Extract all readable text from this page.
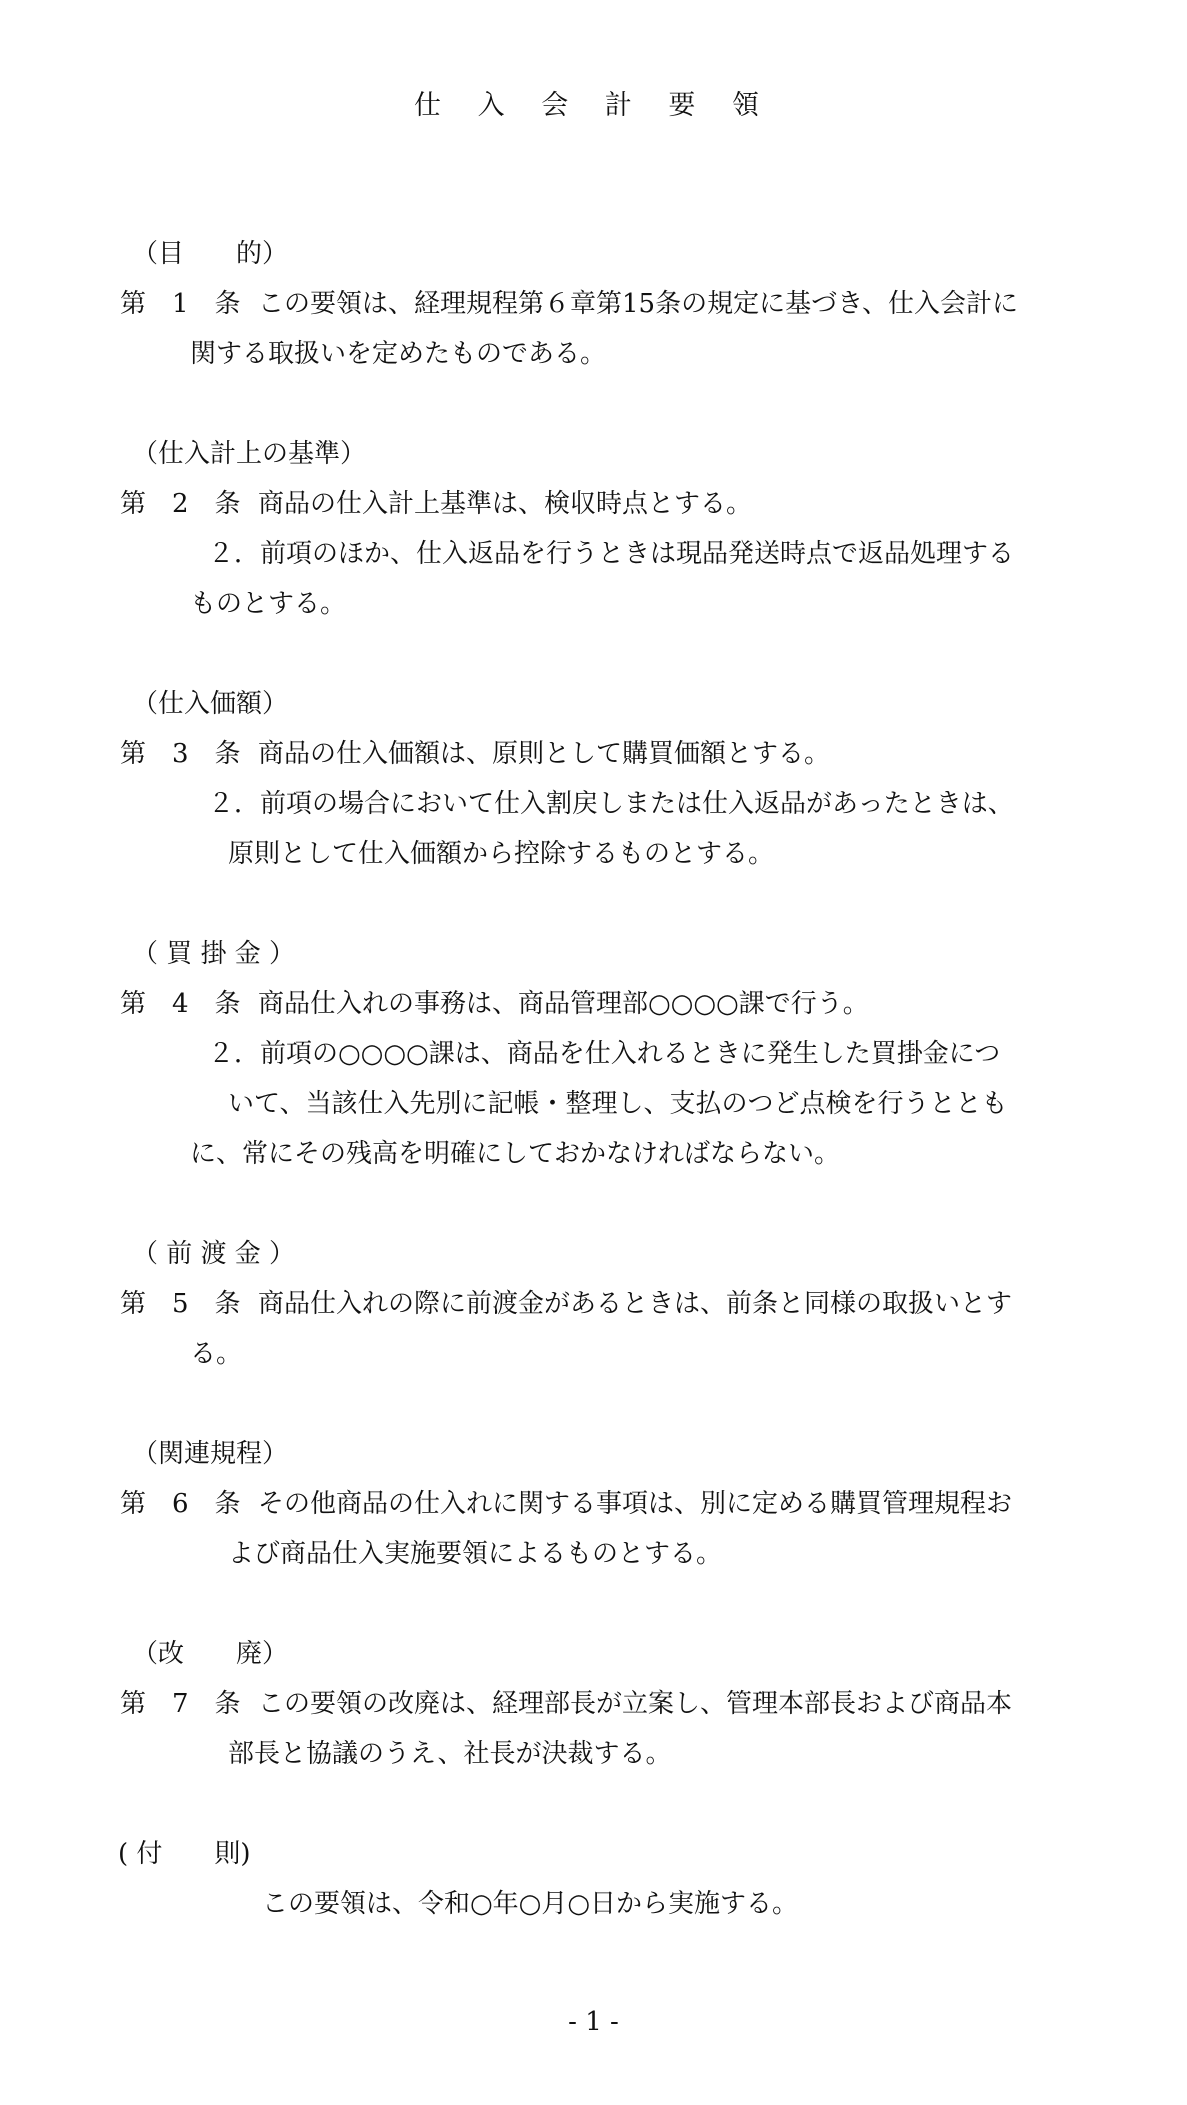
仕 入 会 計 要 領
（目　　的）
第　1　条 この要領は、経理規程第６章第15条の規定に基づき、仕入会計に
関する取扱いを定めたものである。
（仕入計上の基準）
第　2　条 商品の仕入計上基準は、検収時点とする。
２．前項のほか、仕入返品を行うときは現品発送時点で返品処理する
ものとする。
（仕入価額）
第　3　条 商品の仕入価額は、原則として購買価額とする。
２．前項の場合において仕入割戻しまたは仕入返品があったときは、
原則として仕入価額から控除するものとする。
（ 買 掛 金 ）
第　4　条 商品仕入れの事務は、商品管理部○○○○課で行う。
２．前項の○○○○課は、商品を仕入れるときに発生した買掛金につ
いて、当該仕入先別に記帳・整理し、支払のつど点検を行うととも
に、常にその残高を明確にしておかなければならない。
（ 前 渡 金 ）
第　5　条 商品仕入れの際に前渡金があるときは、前条と同様の取扱いとす
る。
（関連規程）
第　6　条 その他商品の仕入れに関する事項は、別に定める購買管理規程お
よび商品仕入実施要領によるものとする。
（改　　廃）
第　7　条 この要領の改廃は、経理部長が立案し、管理本部長および商品本
部長と協議のうえ、社長が決裁する。
( 付　　則)
この要領は、令和○年○月○日から実施する。
- 1 -
